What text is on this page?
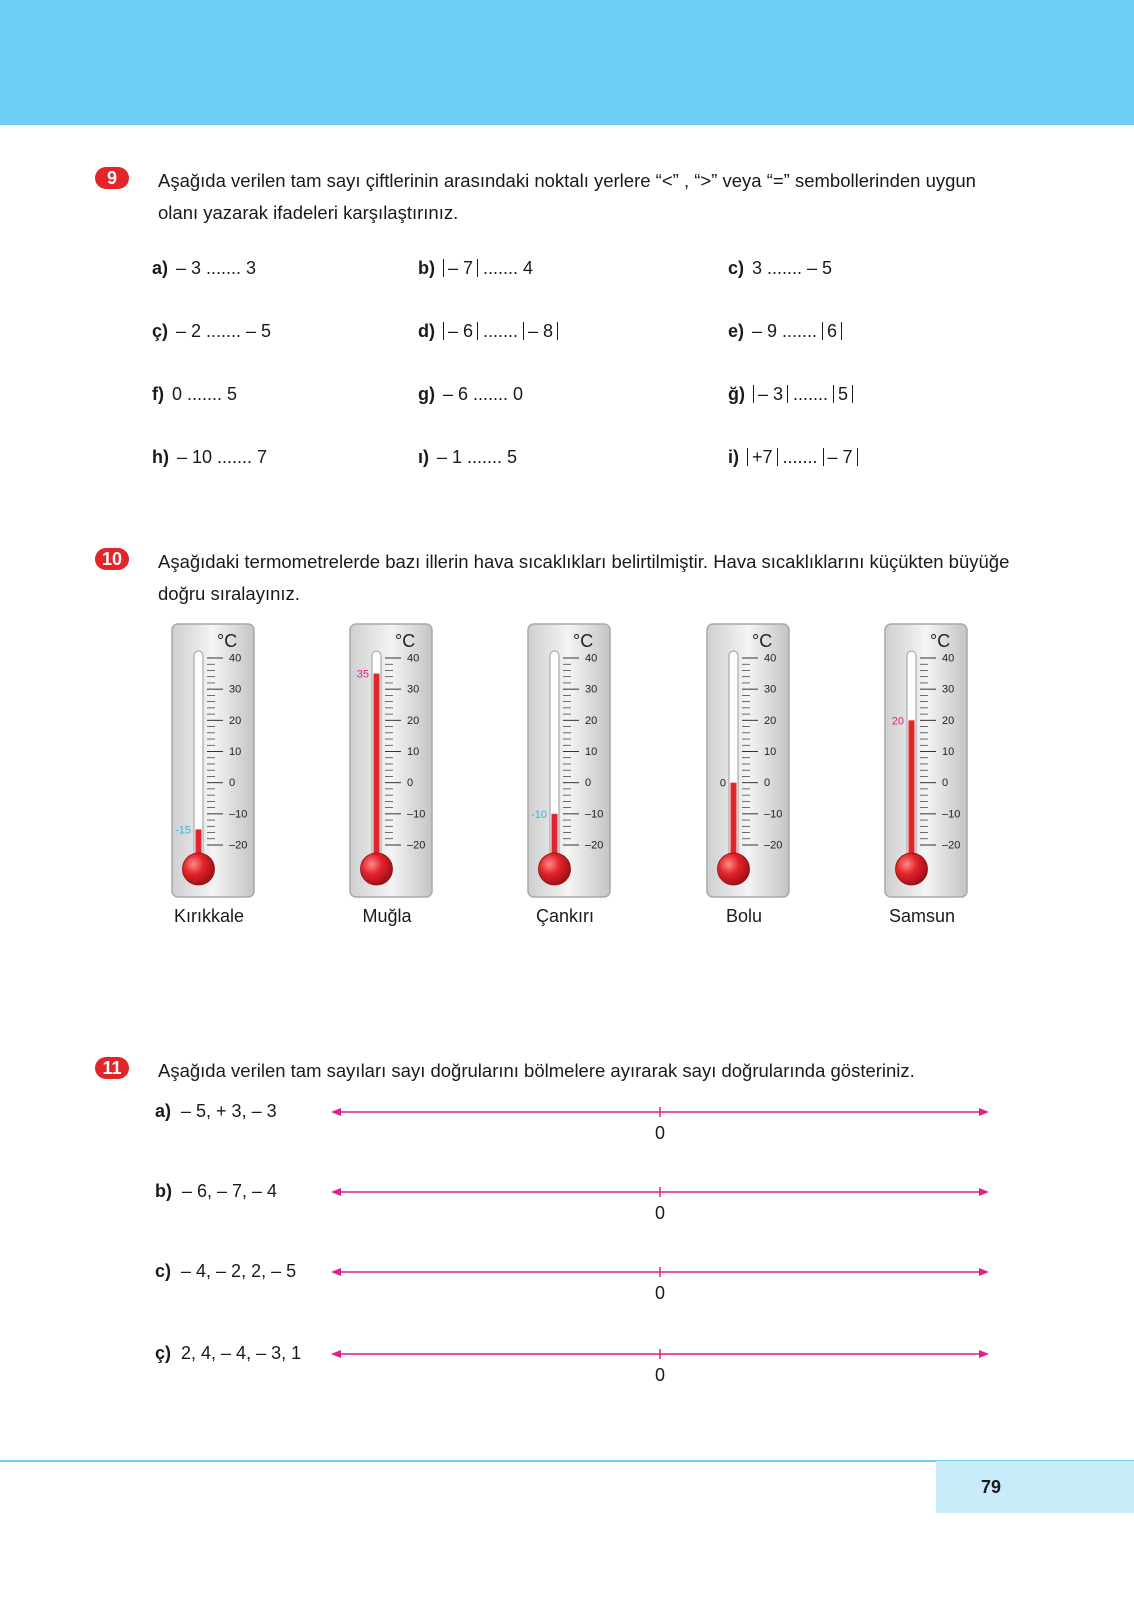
9	Aşağıda verilen tam sayı çiftlerinin arasındaki noktalı yerlere “<” , “>” veya “=” sembollerinden uygun olanı yazarak ifadeleri karşılaştırınız.
a) – 3 ....... 3	b) – 7 ....... 4	c) 3 ....... – 5
ç) – 2 ....... – 5	d) – 6 ....... – 8	e) – 9 ....... 6
f) 0 ....... 5	g) – 6 ....... 0	ğ) – 3 ....... 5
h) – 10 ....... 7	ı) – 1 ....... 5	i) +7 ....... – 7
10	Aşağıdaki termometrelerde bazı illerin hava sıcaklıkları belirtilmiştir. Hava sıcaklıklarını küçükten büyüğe doğru sıralayınız.
40
30
20
10
0
–10
–20
°C
-15
Kırıkkale
40
30
20
10
0
–10
–20
°C
35
Muğla
40
30
20
10
0
–10
–20
°C
-10
Çankırı
40
30
20
10
0
–10
–20
°C
0
Bolu
40
30
20
10
0
–10
–20
°C
20
Samsun
11	Aşağıda verilen tam sayıları sayı doğrularını bölmelere ayırarak sayı doğrularında gösteriniz.
a) – 5, + 3, – 3
0
b) – 6, – 7, – 4
0
c) – 4, – 2, 2, – 5
0
ç) 2, 4, – 4, – 3, 1
0
79
